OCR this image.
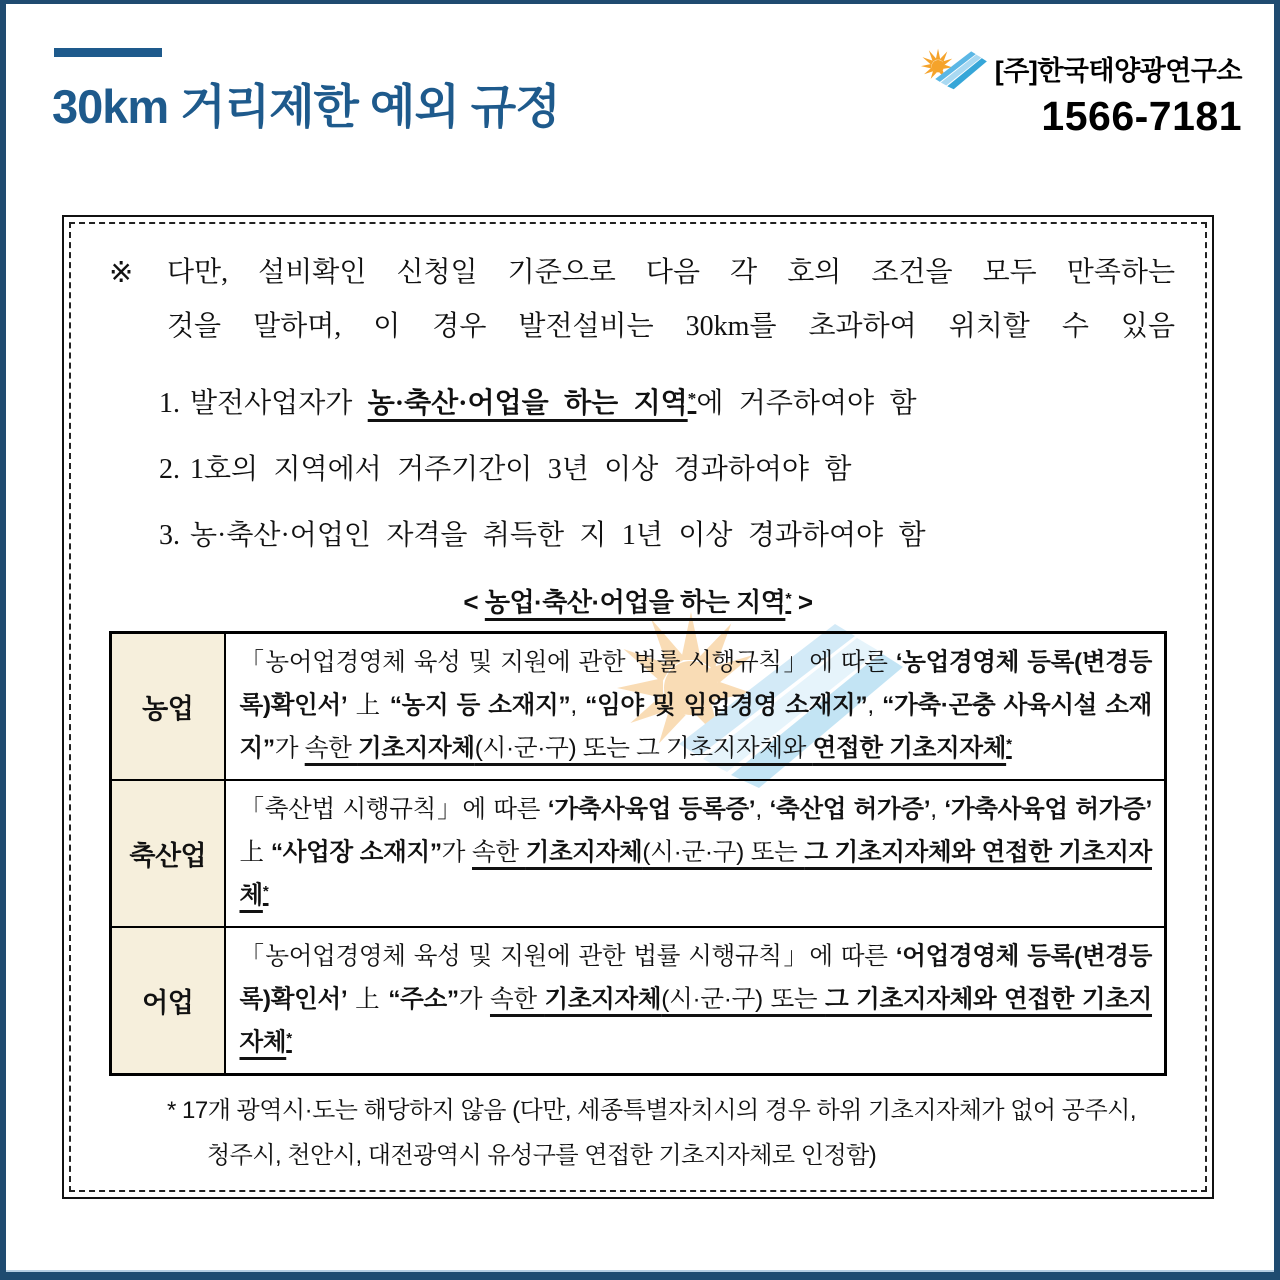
30km 거리제한 예외 규정
[주]한국태양광연구소
1566-7181
※	다만, 설비확인 신청일 기준으로 다음 각 호의 조건을 모두 만족하는
것을 말하며, 이 경우 발전설비는 30km를 초과하여 위치할 수 있음
1. 발전사업자가 농·축산·어업을 하는 지역*에 거주하여야 함
2. 1호의 지역에서 거주기간이 3년 이상 경과하여야 함
3. 농·축산·어업인 자격을 취득한 지 1년 이상 경과하여야 함
< 농업·축산·어업을 하는 지역* >
농업	「농어업경영체 육성 및 지원에 관한 법률 시행규칙」에 따른 ‘농업경영체 등록(변경등록)확인서’ 上 “농지 등 소재지”, “임야 및 임업경영 소재지”, “가축·곤충 사육시설 소재지”가 속한 기초지자체(시·군·구) 또는 그 기초지자체와 연접한 기초지자체*
축산업	「축산법 시행규칙」에 따른 ‘가축사육업 등록증’, ‘축산업 허가증’, ‘가축사육업 허가증’ 上 “사업장 소재지”가 속한 기초지자체(시·군·구) 또는 그 기초지자체와 연접한 기초지자체*
어업	「농어업경영체 육성 및 지원에 관한 법률 시행규칙」에 따른 ‘어업경영체 등록(변경등록)확인서’ 上 “주소”가 속한 기초지자체(시·군·구) 또는 그 기초지자체와 연접한 기초지자체*
* 17개 광역시·도는 해당하지 않음 (다만, 세종특별자치시의 경우 하위 기초지자체가 없어 공주시, 청주시, 천안시, 대전광역시 유성구를 연접한 기초지자체로 인정함)
